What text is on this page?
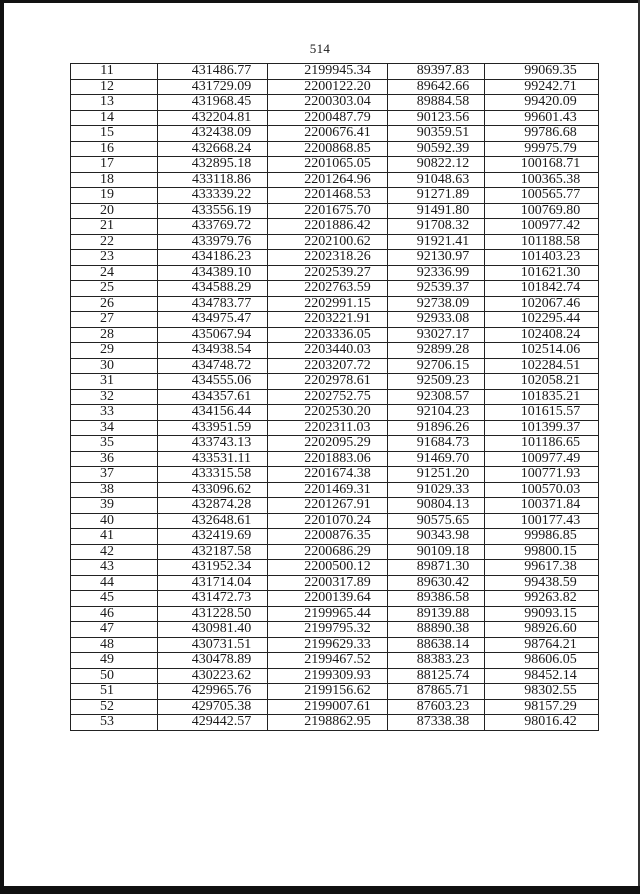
514
11	431486.77	2199945.34	89397.83	99069.35
12	431729.09	2200122.20	89642.66	99242.71
13	431968.45	2200303.04	89884.58	99420.09
14	432204.81	2200487.79	90123.56	99601.43
15	432438.09	2200676.41	90359.51	99786.68
16	432668.24	2200868.85	90592.39	99975.79
17	432895.18	2201065.05	90822.12	100168.71
18	433118.86	2201264.96	91048.63	100365.38
19	433339.22	2201468.53	91271.89	100565.77
20	433556.19	2201675.70	91491.80	100769.80
21	433769.72	2201886.42	91708.32	100977.42
22	433979.76	2202100.62	91921.41	101188.58
23	434186.23	2202318.26	92130.97	101403.23
24	434389.10	2202539.27	92336.99	101621.30
25	434588.29	2202763.59	92539.37	101842.74
26	434783.77	2202991.15	92738.09	102067.46
27	434975.47	2203221.91	92933.08	102295.44
28	435067.94	2203336.05	93027.17	102408.24
29	434938.54	2203440.03	92899.28	102514.06
30	434748.72	2203207.72	92706.15	102284.51
31	434555.06	2202978.61	92509.23	102058.21
32	434357.61	2202752.75	92308.57	101835.21
33	434156.44	2202530.20	92104.23	101615.57
34	433951.59	2202311.03	91896.26	101399.37
35	433743.13	2202095.29	91684.73	101186.65
36	433531.11	2201883.06	91469.70	100977.49
37	433315.58	2201674.38	91251.20	100771.93
38	433096.62	2201469.31	91029.33	100570.03
39	432874.28	2201267.91	90804.13	100371.84
40	432648.61	2201070.24	90575.65	100177.43
41	432419.69	2200876.35	90343.98	99986.85
42	432187.58	2200686.29	90109.18	99800.15
43	431952.34	2200500.12	89871.30	99617.38
44	431714.04	2200317.89	89630.42	99438.59
45	431472.73	2200139.64	89386.58	99263.82
46	431228.50	2199965.44	89139.88	99093.15
47	430981.40	2199795.32	88890.38	98926.60
48	430731.51	2199629.33	88638.14	98764.21
49	430478.89	2199467.52	88383.23	98606.05
50	430223.62	2199309.93	88125.74	98452.14
51	429965.76	2199156.62	87865.71	98302.55
52	429705.38	2199007.61	87603.23	98157.29
53	429442.57	2198862.95	87338.38	98016.42
